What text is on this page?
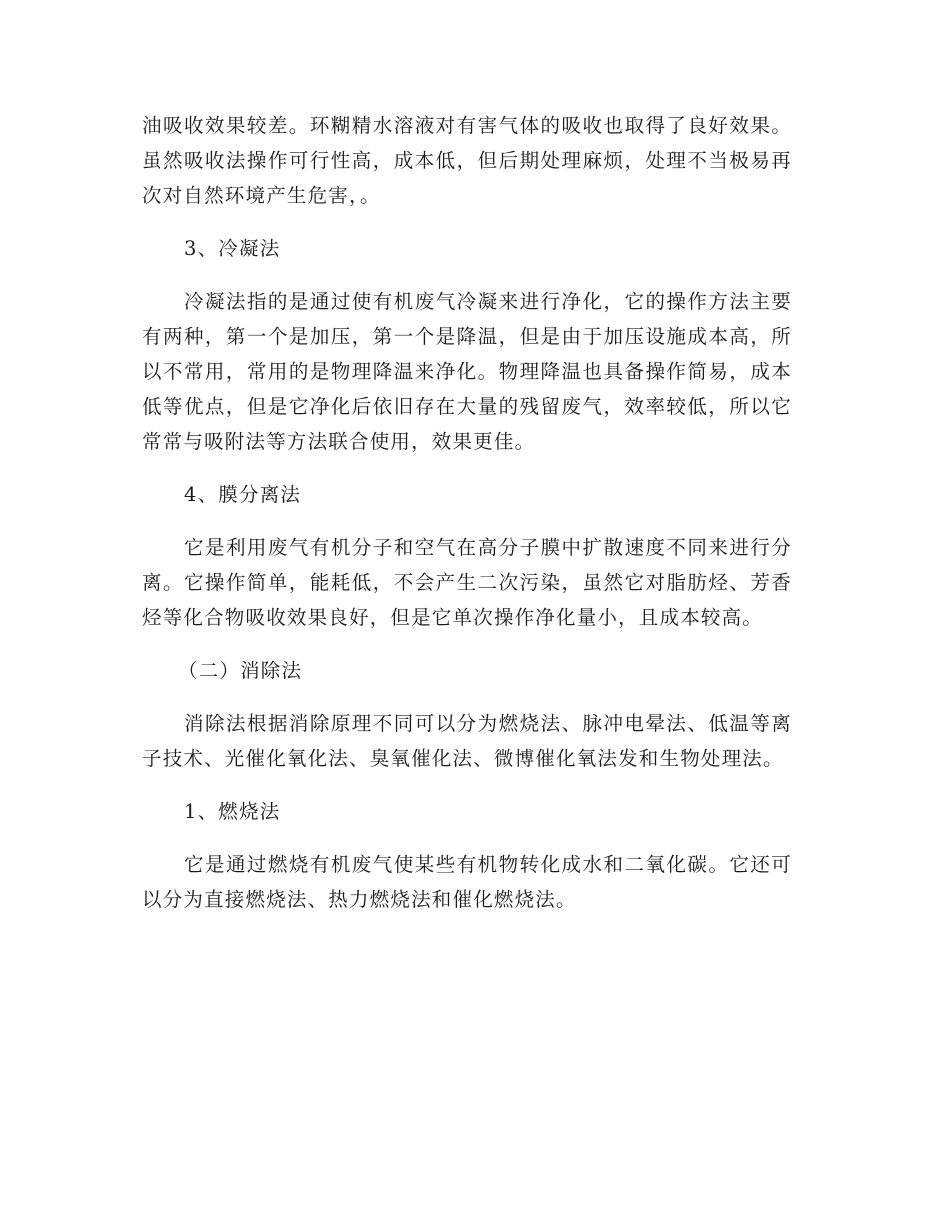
油吸收效果较差。环糊精水溶液对有害气体的吸收也取得了良好效果。虽然吸收法操作可行性高，成本低，但后期处理麻烦，处理不当极易再次对自然环境产生危害，。

3、冷凝法

冷凝法指的是通过使有机废气冷凝来进行净化，它的操作方法主要有两种，第一个是加压，第一个是降温，但是由于加压设施成本高，所以不常用，常用的是物理降温来净化。物理降温也具备操作简易，成本低等优点，但是它净化后依旧存在大量的残留废气，效率较低，所以它常常与吸附法等方法联合使用，效果更佳。

4、膜分离法

它是利用废气有机分子和空气在高分子膜中扩散速度不同来进行分离。它操作简单，能耗低，不会产生二次污染，虽然它对脂肪烃、芳香烃等化合物吸收效果良好，但是它单次操作净化量小，且成本较高。

（二）消除法

消除法根据消除原理不同可以分为燃烧法、脉冲电晕法、低温等离子技术、光催化氧化法、臭氧催化法、微博催化氧法发和生物处理法。

1、燃烧法

它是通过燃烧有机废气使某些有机物转化成水和二氧化碳。它还可以分为直接燃烧法、热力燃烧法和催化燃烧法。
